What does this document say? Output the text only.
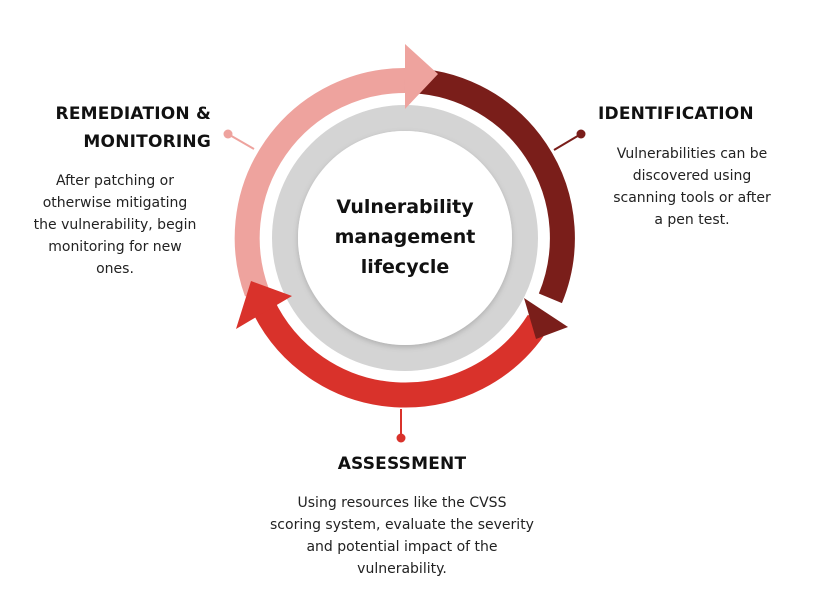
Vulnerability
management
lifecycle
REMEDIATION &
MONITORING
After patching or
otherwise mitigating
the vulnerability, begin
monitoring for new
ones.
IDENTIFICATION
Vulnerabilities can be
discovered using
scanning tools or after
a pen test.
ASSESSMENT
Using resources like the CVSS
scoring system, evaluate the severity
and potential impact of the
vulnerability.
